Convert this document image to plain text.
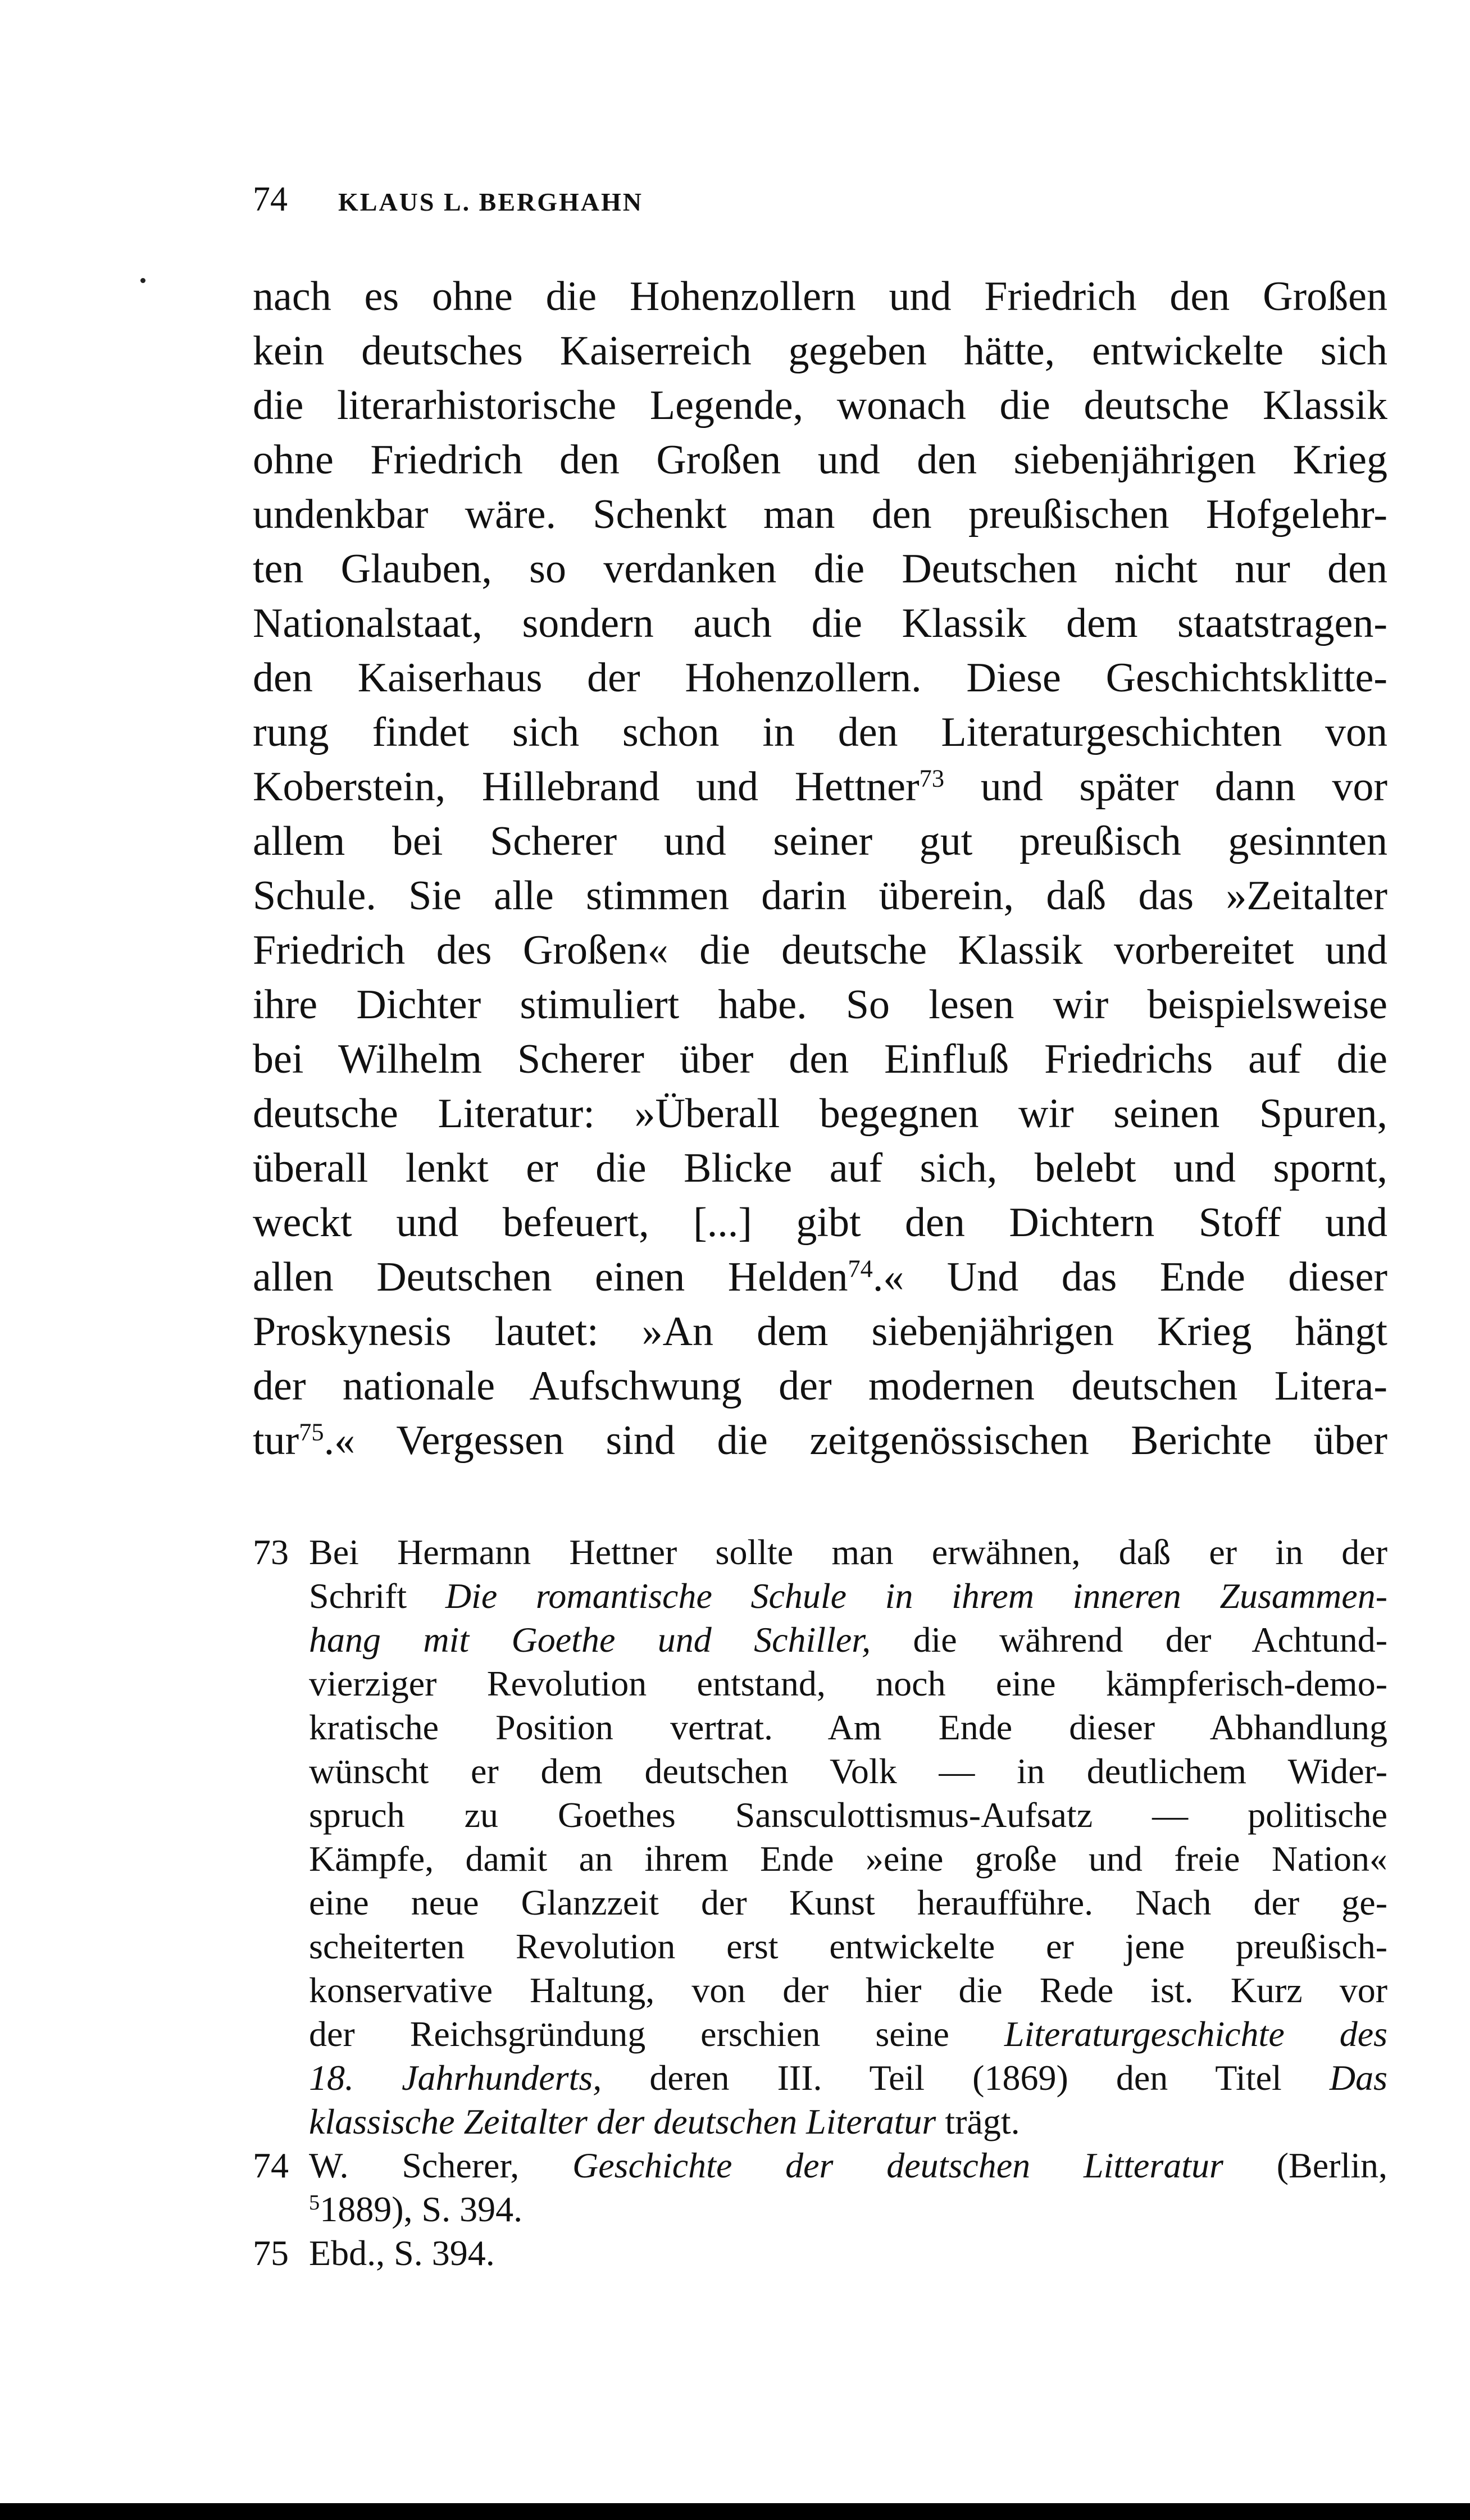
74 KLAUS L. BERGHAHN
nach es ohne die Hohenzollern und Friedrich den Großen
kein deutsches Kaiserreich gegeben hätte, entwickelte sich
die literarhistorische Legende, wonach die deutsche Klassik
ohne Friedrich den Großen und den siebenjährigen Krieg
undenkbar wäre. Schenkt man den preußischen Hofgelehr-
ten Glauben, so verdanken die Deutschen nicht nur den
Nationalstaat, sondern auch die Klassik dem staatstragen-
den Kaiserhaus der Hohenzollern. Diese Geschichtsklitte-
rung findet sich schon in den Literaturgeschichten von
Koberstein, Hillebrand und Hettner$^{73}$ und später dann vor
allem bei Scherer und seiner gut preußisch gesinnten
Schule. Sie alle stimmen darin überein, daß das »Zeitalter
Friedrich des Großen« die deutsche Klassik vorbereitet und
ihre Dichter stimuliert habe. So lesen wir beispielsweise
bei Wilhelm Scherer über den Einfluß Friedrichs auf die
deutsche Literatur: »Überall begegnen wir seinen Spuren,
überall lenkt er die Blicke auf sich, belebt und spornt,
weckt und befeuert, [...] gibt den Dichtern Stoff und
allen Deutschen einen Helden$^{74}$.« Und das Ende dieser
Proskynesis lautet: »An dem siebenjährigen Krieg hängt
der nationale Aufschwung der modernen deutschen Litera-
tur$^{75}$.« Vergessen sind die zeitgenössischen Berichte über
73 Bei Hermann Hettner sollte man erwähnen, daß er in der
Schrift Die romantische Schule in ihrem inneren Zusammen-
hang mit Goethe und Schiller, die während der Achtund-
vierziger Revolution entstand, noch eine kämpferisch-demo-
kratische Position vertrat. Am Ende dieser Abhandlung
wünscht er dem deutschen Volk — in deutlichem Wider-
spruch zu Goethes Sansculottismus-Aufsatz — politische
Kämpfe, damit an ihrem Ende »eine große und freie Nation«
eine neue Glanzzeit der Kunst heraufführe. Nach der ge-
scheiterten Revolution erst entwickelte er jene preußisch-
konservative Haltung, von der hier die Rede ist. Kurz vor
der Reichsgründung erschien seine Literaturgeschichte des
18. Jahrhunderts, deren III. Teil (1869) den Titel Das
klassische Zeitalter der deutschen Literatur trägt.
74 W. Scherer, Geschichte der deutschen Litteratur (Berlin,
$^5$1889), S. 394.
75 Ebd., S. 394.
